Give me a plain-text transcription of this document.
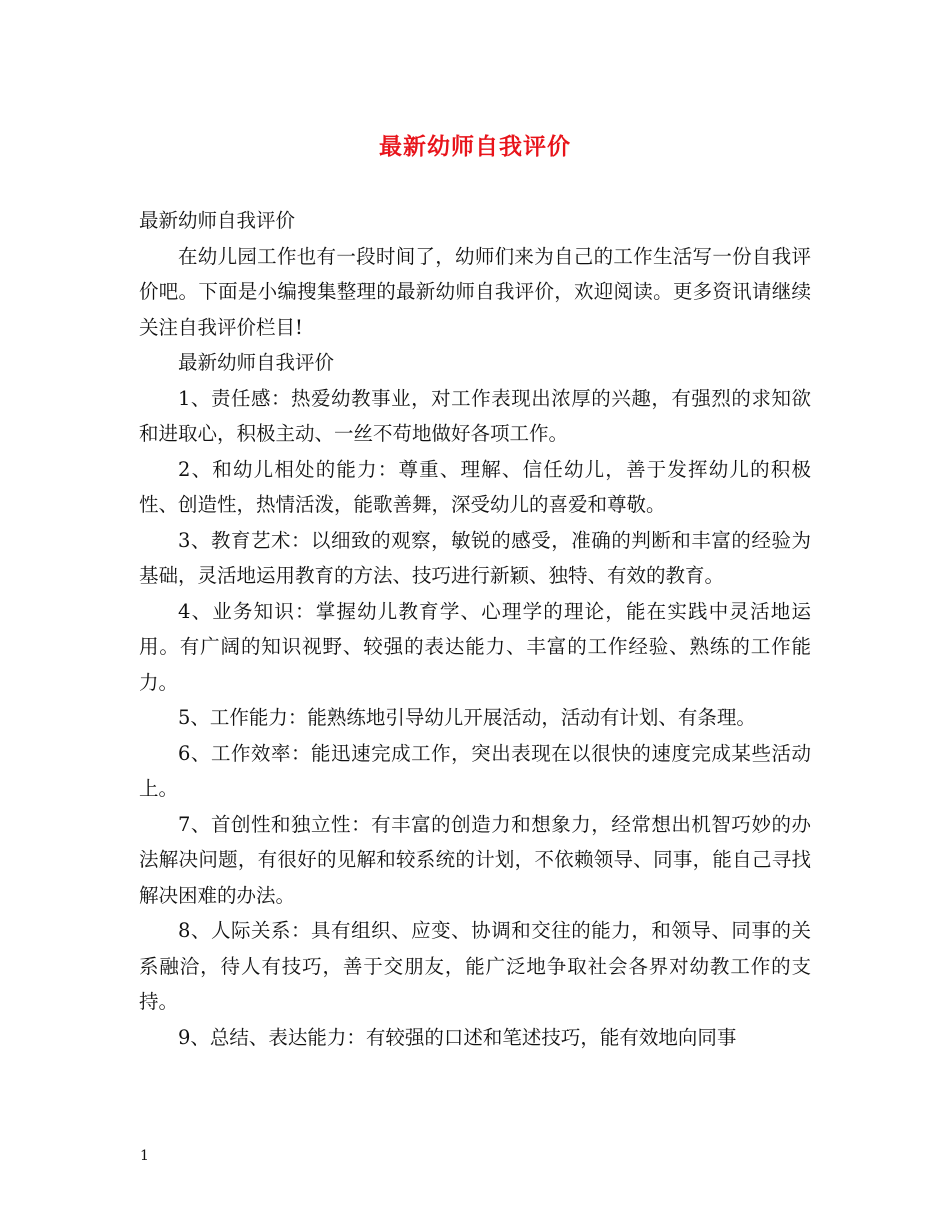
最新幼师自我评价

最新幼师自我评价

在幼儿园工作也有一段时间了，幼师们来为自己的工作生活写一份自我评价吧。下面是小编搜集整理的最新幼师自我评价，欢迎阅读。更多资讯请继续关注自我评价栏目!

最新幼师自我评价

1、责任感：热爱幼教事业，对工作表现出浓厚的兴趣，有强烈的求知欲和进取心，积极主动、一丝不苟地做好各项工作。

2、和幼儿相处的能力：尊重、理解、信任幼儿，善于发挥幼儿的积极性、创造性，热情活泼，能歌善舞，深受幼儿的喜爱和尊敬。

3、教育艺术：以细致的观察，敏锐的感受，准确的判断和丰富的经验为基础，灵活地运用教育的方法、技巧进行新颖、独特、有效的教育。

4、业务知识：掌握幼儿教育学、心理学的理论，能在实践中灵活地运用。有广阔的知识视野、较强的表达能力、丰富的工作经验、熟练的工作能力。

5、工作能力：能熟练地引导幼儿开展活动，活动有计划、有条理。

6、工作效率：能迅速完成工作，突出表现在以很快的速度完成某些活动上。

7、首创性和独立性：有丰富的创造力和想象力，经常想出机智巧妙的办法解决问题，有很好的见解和较系统的计划，不依赖领导、同事，能自己寻找解决困难的办法。

8、人际关系：具有组织、应变、协调和交往的能力，和领导、同事的关系融洽，待人有技巧，善于交朋友，能广泛地争取社会各界对幼教工作的支持。

9、总结、表达能力：有较强的口述和笔述技巧，能有效地向同事

1
